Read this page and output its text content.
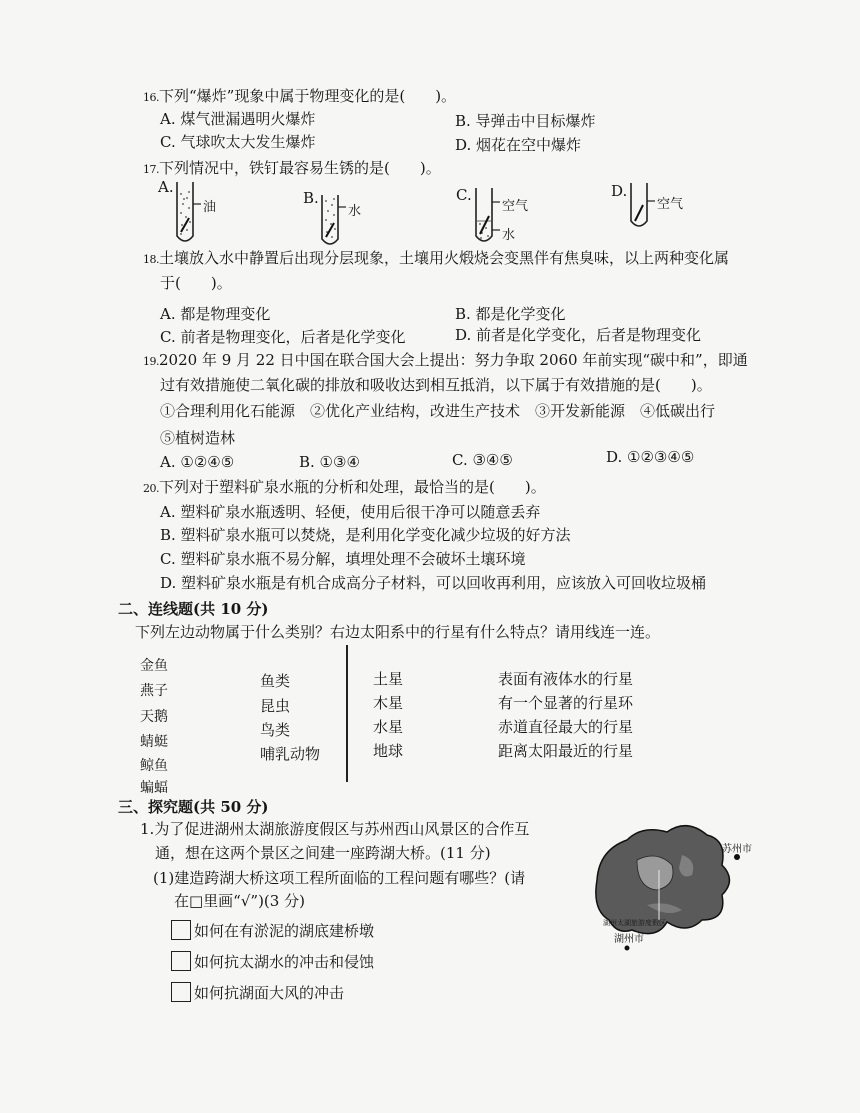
16.下列“爆炸”现象中属于物理变化的是(　　)。
A. 煤气泄漏遇明火爆炸	B. 导弹击中目标爆炸
C. 气球吹太大发生爆炸	D. 烟花在空中爆炸
17.下列情况中，铁钉最容易生锈的是(　　)。
A.
油
B.
水
C.
空气
水
D.
空气
18.土壤放入水中静置后出现分层现象，土壤用火煅烧会变黑伴有焦臭味，以上两种变化属
于(　　)。
A. 都是物理变化	B. 都是化学变化
C. 前者是物理变化，后者是化学变化	D. 前者是化学变化，后者是物理变化
19.2020 年 9 月 22 日中国在联合国大会上提出：努力争取 2060 年前实现“碳中和”，即通
过有效措施使二氧化碳的排放和吸收达到相互抵消，以下属于有效措施的是(　　)。
①合理利用化石能源　②优化产业结构，改进生产技术　③开发新能源　④低碳出行
⑤植树造林
A. ①②④⑤	B. ①③④	C. ③④⑤	D. ①②③④⑤
20.下列对于塑料矿泉水瓶的分析和处理，最恰当的是(　　)。
A. 塑料矿泉水瓶透明、轻便，使用后很干净可以随意丢弃
B. 塑料矿泉水瓶可以焚烧，是利用化学变化减少垃圾的好方法
C. 塑料矿泉水瓶不易分解，填埋处理不会破坏土壤环境
D. 塑料矿泉水瓶是有机合成高分子材料，可以回收再利用，应该放入可回收垃圾桶
二、连线题(共 10 分)
下列左边动物属于什么类别？右边太阳系中的行星有什么特点？请用线连一连。
金鱼
燕子
天鹅
蜻蜓
鲸鱼
蝙蝠
鱼类
昆虫
鸟类
哺乳动物
土星
木星
水星
地球
表面有液体水的行星
有一个显著的行星环
赤道直径最大的行星
距离太阳最近的行星
三、探究题(共 50 分)
1.为了促进湖州太湖旅游度假区与苏州西山风景区的合作互
通，想在这两个景区之间建一座跨湖大桥。(11 分)
(1)建造跨湖大桥这项工程所面临的工程问题有哪些？(请
在□里画“√”)(3 分)
如何在有淤泥的湖底建桥墩
如何抗太湖水的冲击和侵蚀
如何抗湖面大风的冲击
苏州市
湖州太湖旅游度假区
湖州市
